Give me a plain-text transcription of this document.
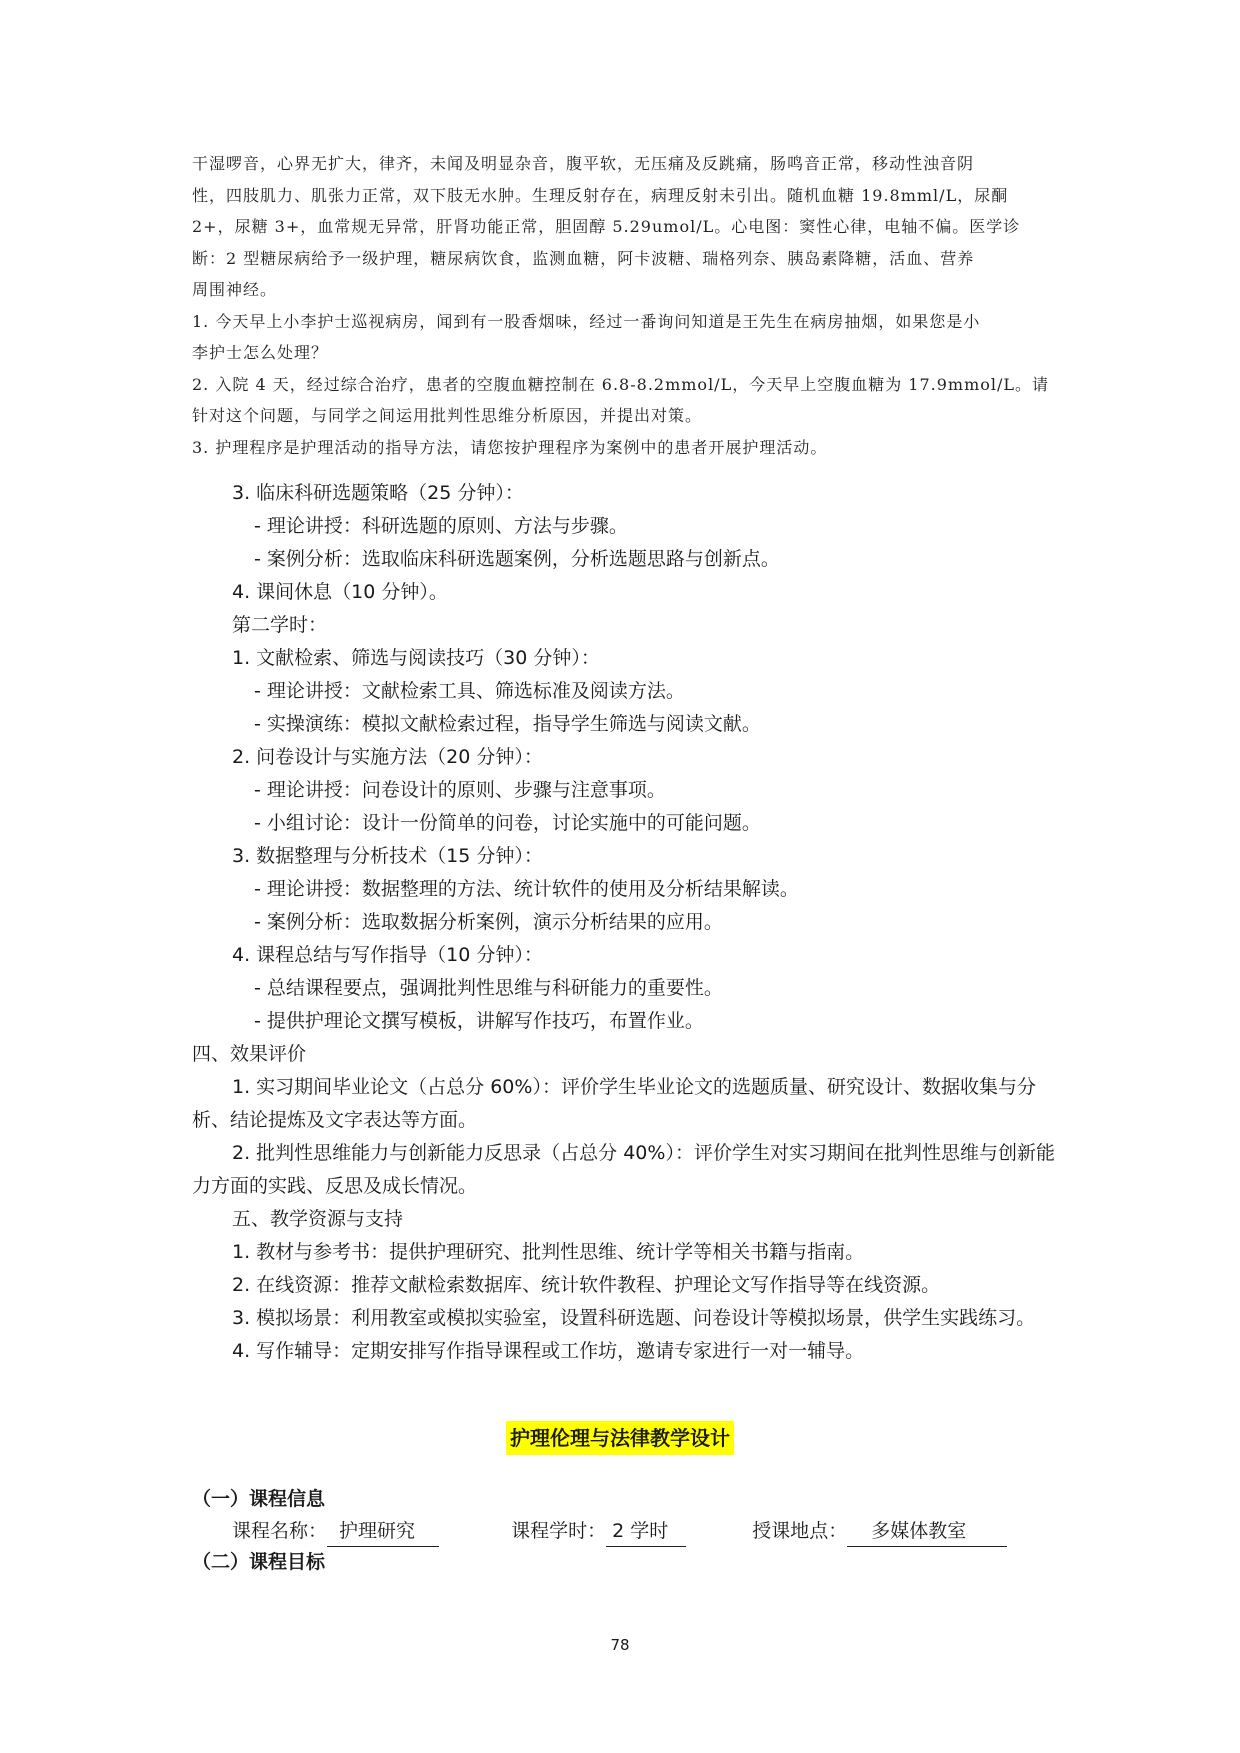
干湿啰音，心界无扩大，律齐，未闻及明显杂音，腹平软，无压痛及反跳痛，肠鸣音正常，移动性浊音阴

性，四肢肌力、肌张力正常，双下肢无水肿。生理反射存在，病理反射未引出。随机血糖 19.8mml/L，尿酮

2+，尿糖 3+，血常规无异常，肝肾功能正常，胆固醇 5.29umol/L。心电图：窦性心律，电轴不偏。医学诊

断：2 型糖尿病给予一级护理，糖尿病饮食，监测血糖，阿卡波糖、瑞格列奈、胰岛素降糖，活血、营养

周围神经。

1. 今天早上小李护士巡视病房，闻到有一股香烟味，经过一番询问知道是王先生在病房抽烟，如果您是小

李护士怎么处理？

2. 入院 4 天，经过综合治疗，患者的空腹血糖控制在 6.8-8.2mmol/L，今天早上空腹血糖为 17.9mmol/L。请

针对这个问题，与同学之间运用批判性思维分析原因，并提出对策。

3. 护理程序是护理活动的指导方法，请您按护理程序为案例中的患者开展护理活动。

3. 临床科研选题策略（25 分钟）：

- 理论讲授：科研选题的原则、方法与步骤。

- 案例分析：选取临床科研选题案例，分析选题思路与创新点。

4. 课间休息（10 分钟）。

第二学时：

1. 文献检索、筛选与阅读技巧（30 分钟）：

- 理论讲授：文献检索工具、筛选标准及阅读方法。

- 实操演练：模拟文献检索过程，指导学生筛选与阅读文献。

2. 问卷设计与实施方法（20 分钟）：

- 理论讲授：问卷设计的原则、步骤与注意事项。

- 小组讨论：设计一份简单的问卷，讨论实施中的可能问题。

3. 数据整理与分析技术（15 分钟）：

- 理论讲授：数据整理的方法、统计软件的使用及分析结果解读。

- 案例分析：选取数据分析案例，演示分析结果的应用。

4. 课程总结与写作指导（10 分钟）：

- 总结课程要点，强调批判性思维与科研能力的重要性。

- 提供护理论文撰写模板，讲解写作技巧，布置作业。

四、效果评价

1. 实习期间毕业论文（占总分 60%）：评价学生毕业论文的选题质量、研究设计、数据收集与分析、结论提炼及文字表达等方面。

2. 批判性思维能力与创新能力反思录（占总分 40%）：评价学生对实习期间在批判性思维与创新能力方面的实践、反思及成长情况。

五、教学资源与支持

1. 教材与参考书：提供护理研究、批判性思维、统计学等相关书籍与指南。

2. 在线资源：推荐文献检索数据库、统计软件教程、护理论文写作指导等在线资源。

3. 模拟场景：利用教室或模拟实验室，设置科研选题、问卷设计等模拟场景，供学生实践练习。

4. 写作辅导：定期安排写作指导课程或工作坊，邀请专家进行一对一辅导。

护理伦理与法律教学设计
（一）课程信息
课程名称： 护理研究	课程学时： 2 学时	授课地点： 多媒体教室
（二）课程目标
78
